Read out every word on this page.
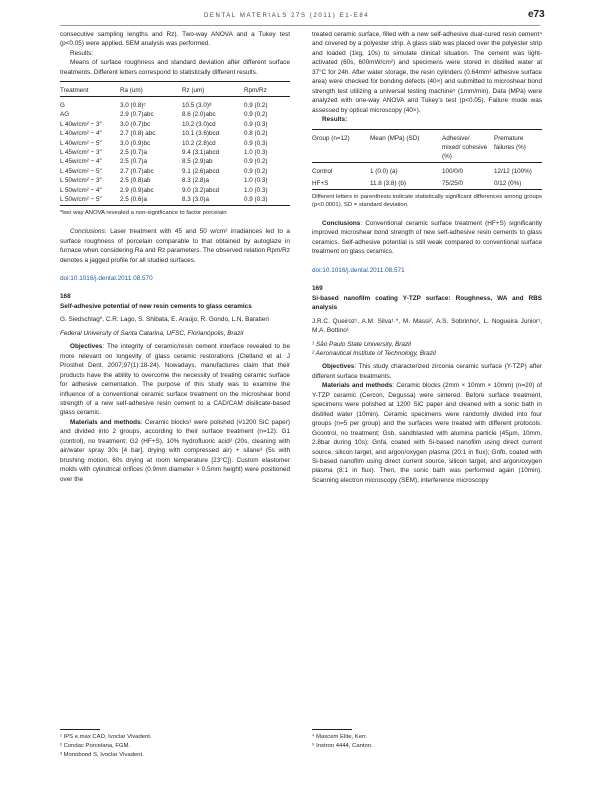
DENTAL MATERIALS 27S (2011) E1-E84	e73

consecutive sampling lengths and Rz). Two-way ANOVA and a Tukey test (p<0.05) were applied. SEM analysis was performed.

Results:

Means of surface roughness and standard deviation after different surface treatments. Different letters correspond to statistically different results.

Treatment	Ra (um)	Rz (um)	Rpm/Rz

G	3.0 (0.8)ᶜ	10.5 (3.0)ᵈ	0.9 (0.2)
AG	2.9 (0.7)abc	8.6 (2.0)abc	0.9 (0.2)
L 40w/cm² − 3″	3.0 (0.7)bc	10.2 (3.0)cd	0.9 (0.3)
L 40w/cm² − 4″	2.7 (0.8) abc	10.1 (3.6)bcd	0.8 (0.2)
L 40w/cm² − 5″	3.0 (0.9)bc	10.2 (2.8)cd	0.9 (0.3)
L 45w/cm² − 3″	2.5 (0.7)a	9.4 (3.1)abcd	1.0 (0.3)
L 45w/cm² − 4″	2.5 (0.7)a	8.5 (2.9)ab	0.9 (0.2)
L 45w/cm² − 5″	2.7 (0.7)abc	9.1 (2.6)abcd	0.9 (0.2)
L 50w/cm² − 3″	2.5 (0.8)ab	8.3 (2.8)a	1.0 (0.3)
L 50w/cm² − 4″	2.9 (0.9)abc	9.0 (3.2)abcd	1.0 (0.3)
L 50w/cm² − 5″	2.5 (0.6)a	8.3 (3.0)a	0.9 (0.3)

*two way ANOVA revealed a non-significance to factor porcelain

Conclusions: Laser treatment with 45 and 50 w/cm² irradiances led to a surface roughness of porcelain comparable to that obtained by autoglaze in furnace when considering Ra and Rz parameters. The observed relation Rpm/Rz denotes a jagged profile for all studied surfaces.

doi:10.1016/j.dental.2011.08.570

168

Self-adhesive potential of new resin cements to glass ceramics

G. Siedschlag*, C.R. Lago, S. Shibata, E. Araújo, R. Gondo, L.N. Baratieri

Federal University of Santa Catarina, UFSC, Florianópolis, Brazil

Objectives: The integrity of ceramic/resin cement interface revealed to be more relevant on longevity of glass ceramic restorations (Clelland et al. J Prosthet Dent. 2007;97(1):18-24). Nowadays, manufactures claim that their products have the ability to overcome the necessity of treating ceramic surface for adhesive cementation. The purpose of this study was to examine the influence of a conventional ceramic surface treatment on the microshear bond strength of a new self-adhesive resin cement to a CAD/CAM disilicate-based glass ceramic.

Materials and methods: Ceramic blocks¹ were polished (#1200 SiC paper) and divided into 2 groups, according to their surface treatment (n=12): G1 (control), no treatment; G2 (HF+S), 10% hydrofluoric acid² (20s, cleaning with air/water spray 30s [4 bar], drying with compressed air) + silane³ (5s with brushing motion, 60s drying at room temperature [23°C]). Custom elastomer molds with cylindrical orifices (0.9mm diameter × 0.5mm height) were positioned over the

¹ IPS e.max CAD, Ivoclar Vivadent.
² Condac Porcelana, FGM.
³ Monobond S, Ivoclar Vivadent.

treated ceramic surface, filled with a new self-adhesive dual-cured resin cement⁴ and covered by a polyester strip. A glass slab was placed over the polyester strip and loaded (1kg, 10s) to simulate clinical situation. The cement was light-activated (60s, 600mW/cm²) and specimens were stored in distilled water at 37°C for 24h. After water storage, the resin cylinders (0.64mm² adhesive surface area) were checked for bonding defects (40×) and submitted to microshear bond strength test utilizing a universal testing machine⁵ (1mm/min). Data (MPa) were analyzed with one-way ANOVA and Tukey's test (p<0.05). Failure mode was assessed by optical microscopy (40×).

Results:

Group (n=12)	Mean (MPa) (SD)	Adhesive/ mixed/ cohesive (%)	Premature failures (%)

Control	1 (0.0) (a)	100/0/0	12/12 (100%)

HF+S	11.8 (3.8) (b)	75/25/0	0/12 (0%)

Different letters in parenthesis indicate statistically significant differences among groups (p<0.0001). SD = standard deviation.

Conclusions: Conventional ceramic surface treatment (HF+S) significantly improved microshear bond strength of new self-adhesive resin cements to glass ceramics. Self-adhesive potential is still weak compared to conventional surface treatment on glass ceramics.

doi:10.1016/j.dental.2011.08.571

169

Si-based nanofilm coating Y-TZP surface: Roughness, WA and RBS analysis

J.R.C. Queiroz¹, A.M. Silva¹·*, M. Massi², A.S. Sobrinho², L. Nogueira Junior¹, M.A. Bottino¹

¹ São Paulo State University, Brazil

² Aeronautical Institute of Technology, Brazil

Objectives: This study characterized zirconia ceramic surface (Y-TZP) after different surface treatments.

Materials and methods: Ceramic blocks (2mm × 10mm × 10mm) (n=20) of Y-TZP ceramic (Cercon, Degussa) were sintered. Before surface treatment, specimens were polished at 1200 SiC paper and cleaned with a sonic bath in distilled water (10min). Ceramic specimens were randomly divided into four groups (n=5 per group) and the surfaces were treated with different protocols: Gcontrol, no treatment; Gsb, sandblasted with alumina particle (45µm, 10mm, 2.8bar during 10s); Gnfa, coated with Si-based nanofilm using direct current source, silicon target, and argon/oxygen plasma (20:1 in flux); Gnfb, coated with Si-based nanofilm using direct current source, silicon target, and argon/oxygen plasma (8:1 in flux). Then, the sonic bath was performed again (10min). Scanning electron microscopy (SEM), interference microscopy

⁴ Maxcem Elite, Kerr.
⁵ Instron 4444, Canton.
